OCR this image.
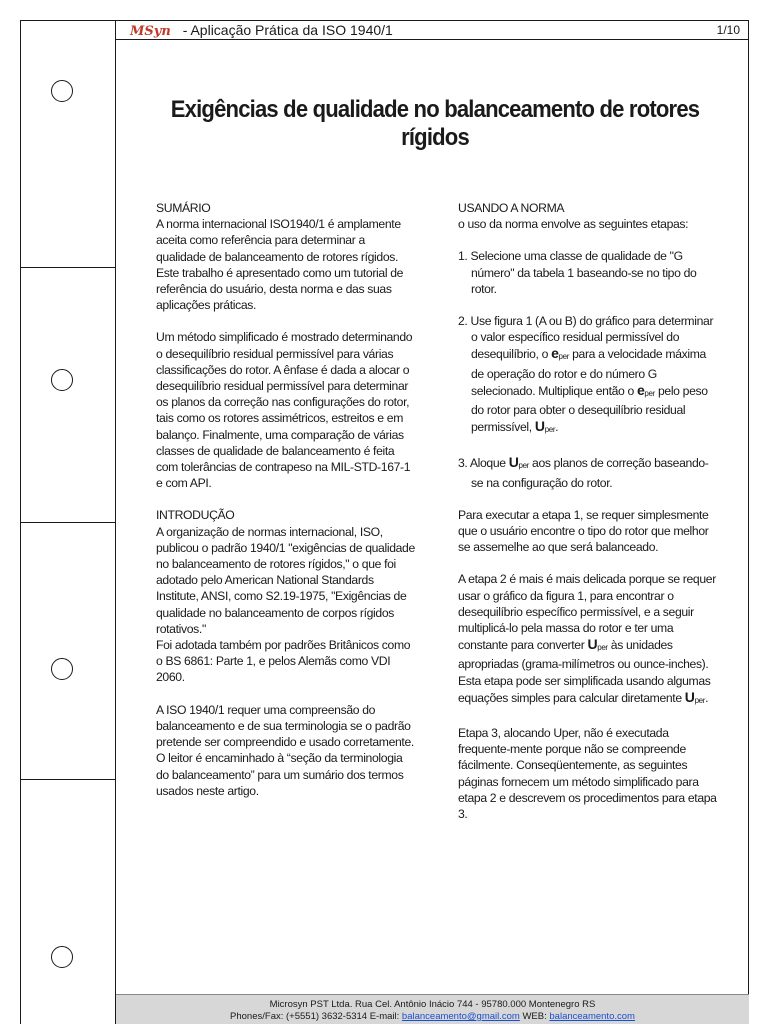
MSyn - Aplicação Prática da ISO 1940/1	1/10
Exigências de qualidade no balanceamento de rotores rígidos
SUMÁRIO

A norma internacional ISO1940/1 é amplamente aceita como referência para determinar a qualidade de balanceamento de rotores rígidos. Este trabalho é apresentado como um tutorial de referência do usuário, desta norma e das suas aplicações práticas.

Um método simplificado é mostrado determinando o desequilíbrio residual permissível para várias classificações do rotor. A ênfase é dada a alocar o desequilíbrio residual permissível para determinar os planos da correção nas configurações do rotor, tais como os rotores assimétricos, estreitos e em balanço. Finalmente, uma comparação de várias classes de qualidade de balanceamento é feita com tolerâncias de contrapeso na MIL-STD-167-1 e com API.

INTRODUÇÃO
A organização de normas internacional, ISO, publicou o padrão 1940/1 "exigências de qualidade no balanceamento de rotores rígidos," o que foi adotado pelo American National Standards Institute, ANSI, como S2.19-1975, "Exigências de qualidade no balanceamento de corpos rígidos rotativos."

Foi adotada também por padrões Britânicos como o BS 6861: Parte 1, e pelos Alemãs como VDI 2060.

A ISO 1940/1 requer uma compreensão do balanceamento e de sua terminologia se o padrão pretende ser compreendido e usado corretamente. O leitor é encaminhado à “seção da terminologia do balanceamento” para um sumário dos termos usados neste artigo.

USANDO A NORMA

o uso da norma envolve as seguintes etapas:

1. Selecione uma classe de qualidade de "G número" da tabela 1 baseando-se no tipo do rotor.

2. Use figura 1 (A ou B) do gráfico para determinar o valor específico residual permissível do desequilíbrio, o $e_{per}$ para a velocidade máxima de operação do rotor e do número G selecionado. Multiplique então o $e_{per}$ pelo peso do rotor para obter o desequilíbrio residual permissível, $U_{per}$.

3. Aloque $U_{per}$ aos planos de correção baseando-se na configuração do rotor.

Para executar a etapa 1, se requer simplesmente que o usuário encontre o tipo do rotor que melhor se assemelhe ao que será balanceado.

A etapa 2 é mais é mais delicada porque se requer usar o gráfico da figura 1, para encontrar o desequilíbrio específico permissível, e a seguir multiplicá-lo pela massa do rotor e ter uma constante para converter $U_{per}$ às unidades apropriadas (grama-milímetros ou ounce-inches). Esta etapa pode ser simplificada usando algumas equações simples para calcular diretamente $U_{per}$.

Etapa 3, alocando Uper, não é executada frequente-mente porque não se compreende fácilmente. Conseqüentemente, as seguintes páginas fornecem um método simplificado para etapa 2 e descrevem os procedimentos para etapa 3.

Microsyn PST Ltda. Rua Cel. Antônio Inácio 744 - 95780.000 Montenegro RS
Phones/Fax: (+5551) 3632-5314 E-mail: balanceamento@gmail.com WEB: balanceamento.com
